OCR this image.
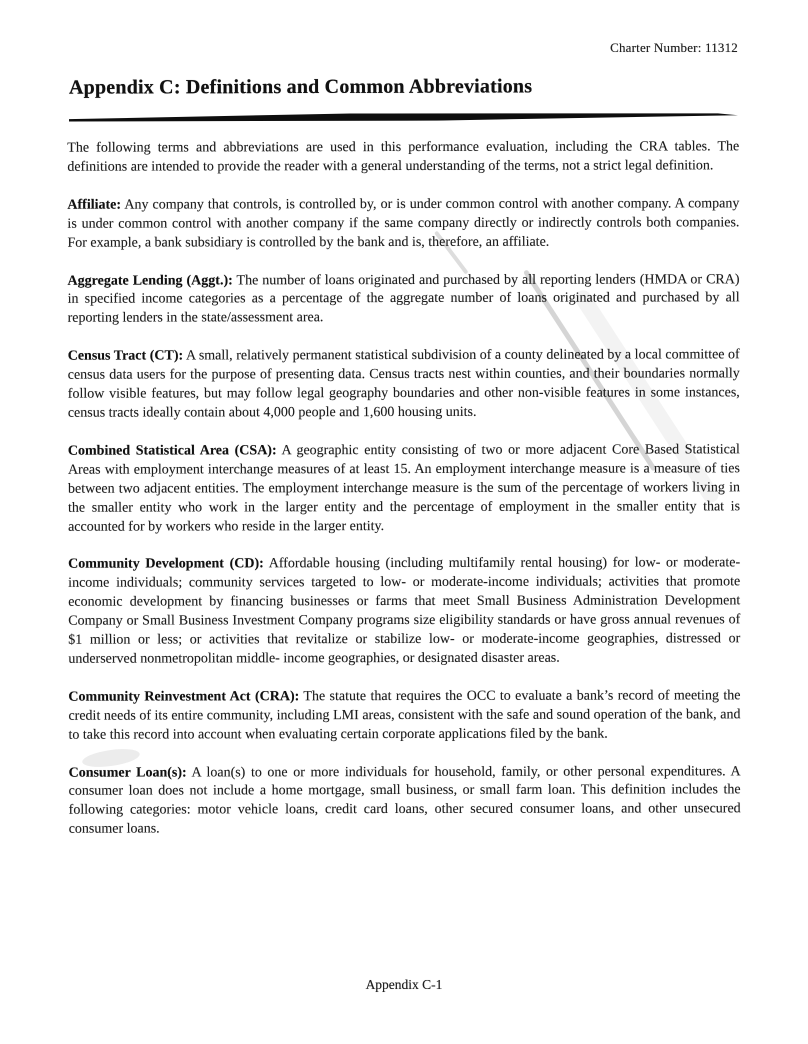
Charter Number: 11312
Appendix C: Definitions and Common Abbreviations

The following terms and abbreviations are used in this performance evaluation, including the CRA tables. The definitions are intended to provide the reader with a general understanding of the terms, not a strict legal definition.

Affiliate: Any company that controls, is controlled by, or is under common control with another company. A company is under common control with another company if the same company directly or indirectly controls both companies. For example, a bank subsidiary is controlled by the bank and is, therefore, an affiliate.

Aggregate Lending (Aggt.): The number of loans originated and purchased by all reporting lenders (HMDA or CRA) in specified income categories as a percentage of the aggregate number of loans originated and purchased by all reporting lenders in the state/assessment area.

Census Tract (CT): A small, relatively permanent statistical subdivision of a county delineated by a local committee of census data users for the purpose of presenting data. Census tracts nest within counties, and their boundaries normally follow visible features, but may follow legal geography boundaries and other non-visible features in some instances, census tracts ideally contain about 4,000 people and 1,600 housing units.

Combined Statistical Area (CSA): A geographic entity consisting of two or more adjacent Core Based Statistical Areas with employment interchange measures of at least 15. An employment interchange measure is a measure of ties between two adjacent entities. The employment interchange measure is the sum of the percentage of workers living in the smaller entity who work in the larger entity and the percentage of employment in the smaller entity that is accounted for by workers who reside in the larger entity.

Community Development (CD): Affordable housing (including multifamily rental housing) for low- or moderate-income individuals; community services targeted to low- or moderate-income individuals; activities that promote economic development by financing businesses or farms that meet Small Business Administration Development Company or Small Business Investment Company programs size eligibility standards or have gross annual revenues of $1 million or less; or activities that revitalize or stabilize low- or moderate-income geographies, distressed or underserved nonmetropolitan middle- income geographies, or designated disaster areas.

Community Reinvestment Act (CRA): The statute that requires the OCC to evaluate a bank’s record of meeting the credit needs of its entire community, including LMI areas, consistent with the safe and sound operation of the bank, and to take this record into account when evaluating certain corporate applications filed by the bank.

Consumer Loan(s): A loan(s) to one or more individuals for household, family, or other personal expenditures. A consumer loan does not include a home mortgage, small business, or small farm loan. This definition includes the following categories: motor vehicle loans, credit card loans, other secured consumer loans, and other unsecured consumer loans.

Appendix C-1
